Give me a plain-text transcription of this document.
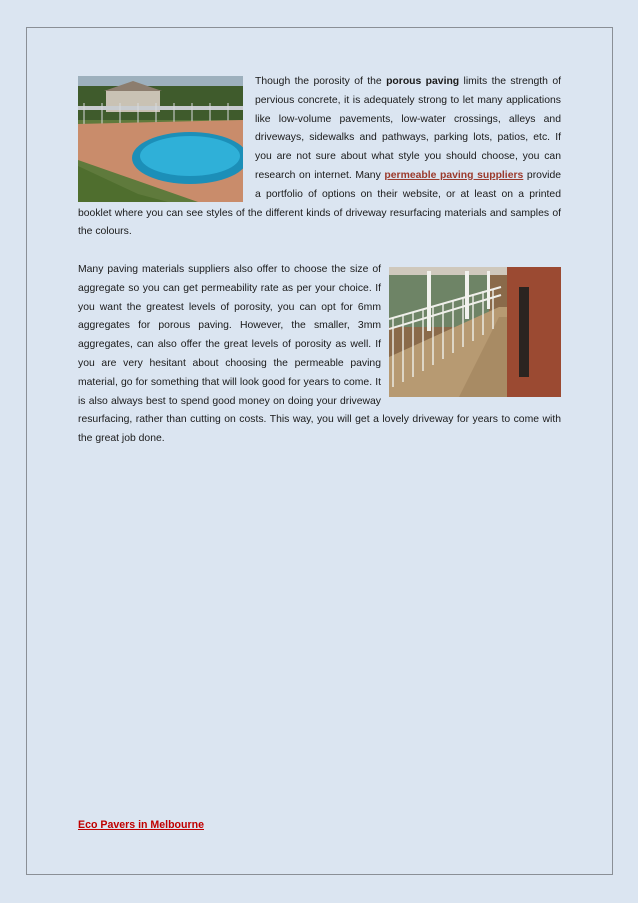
Though the porosity of the porous paving limits the strength of pervious concrete, it is adequately strong to let many applications like low-volume pavements, low-water crossings, alleys and driveways, sidewalks and pathways, parking lots, patios, etc. If you are not sure about what style you should choose, you can research on internet. Many permeable paving suppliers provide a portfolio of options on their website, or at least on a printed booklet where you can see styles of the different kinds of driveway resurfacing materials and samples of the colours.

Many paving materials suppliers also offer to choose the size of aggregate so you can get permeability rate as per your choice. If you want the greatest levels of porosity, you can opt for 6mm aggregates for porous paving. However, the smaller, 3mm aggregates, can also offer the great levels of porosity as well. If you are very hesitant about choosing the permeable paving material, go for something that will look good for years to come. It is also always best to spend good money on doing your driveway resurfacing, rather than cutting on costs. This way, you will get a lovely driveway for years to come with the great job done.

Eco Pavers in Melbourne
